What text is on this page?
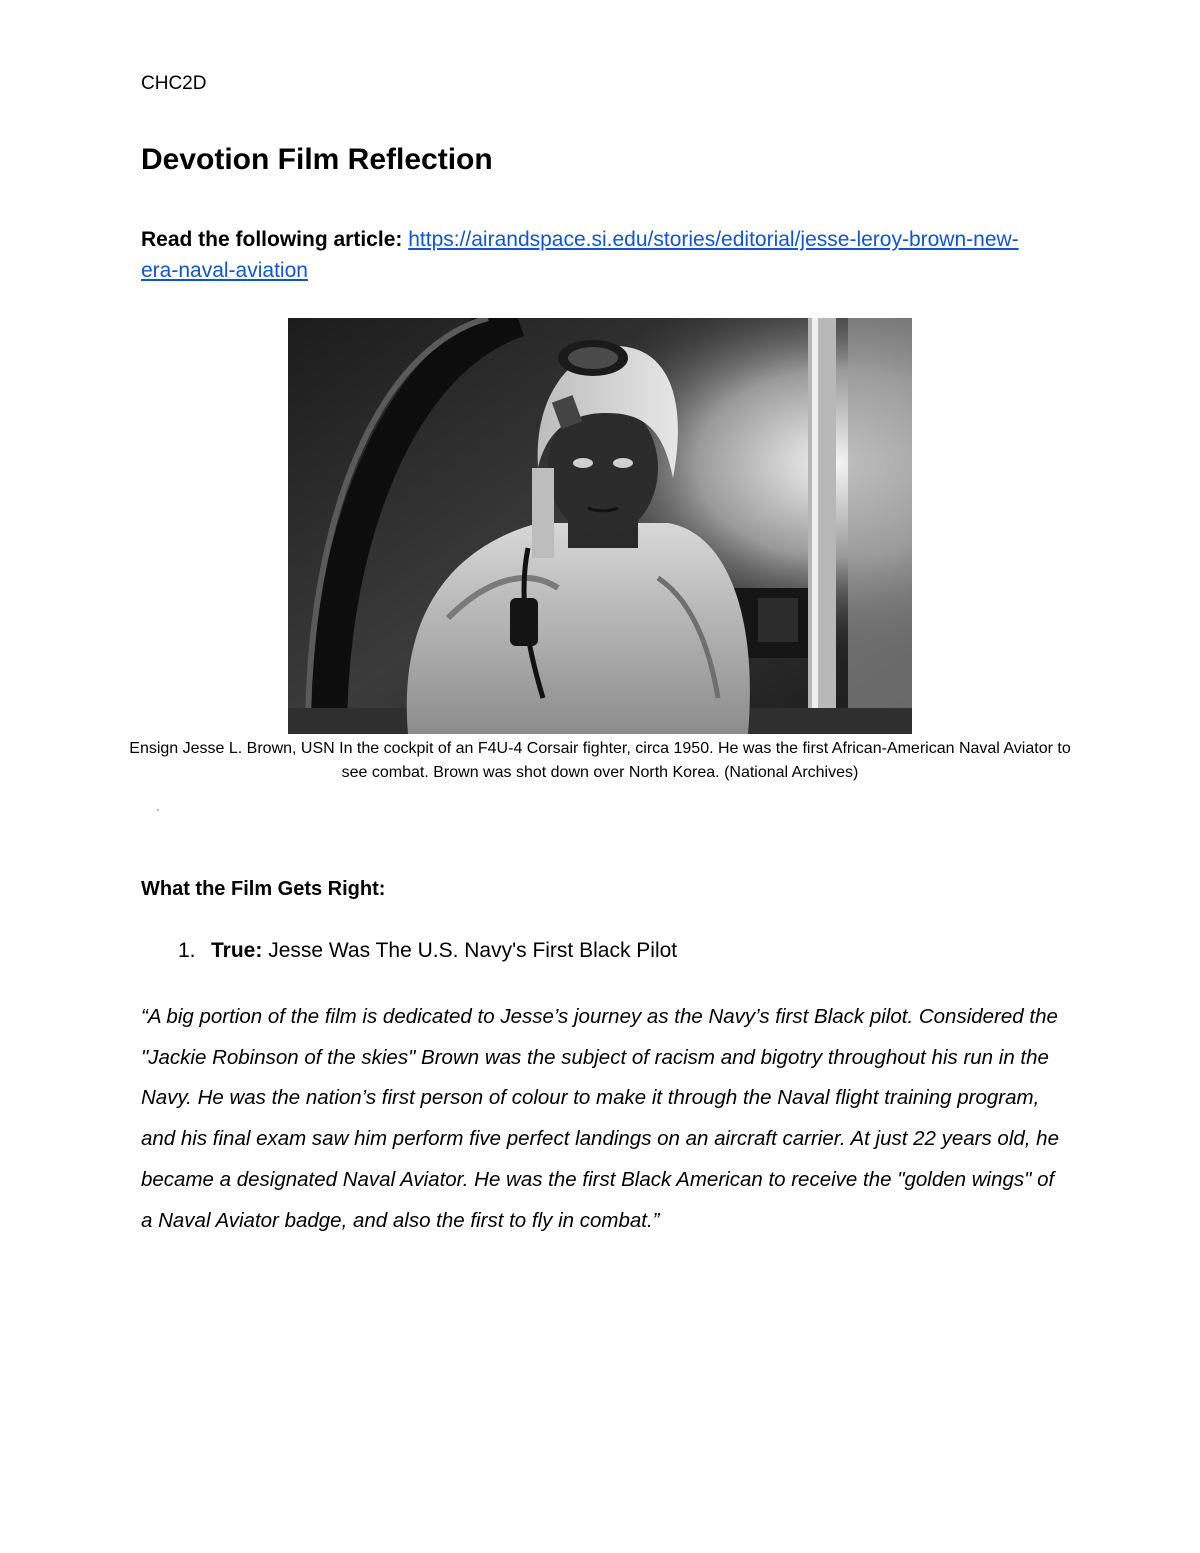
CHC2D
Devotion Film Reflection
Read the following article: https://airandspace.si.edu/stories/editorial/jesse-leroy-brown-new-era-naval-aviation
Ensign Jesse L. Brown, USN In the cockpit of an F4U-4 Corsair fighter, circa 1950. He was the first African-American Naval Aviator to see combat. Brown was shot down over North Korea. (National Archives)
'
What the Film Gets Right:
1. True: Jesse Was The U.S. Navy's First Black Pilot

“A big portion of the film is dedicated to Jesse’s journey as the Navy’s first Black pilot. Considered the "Jackie Robinson of the skies" Brown was the subject of racism and bigotry throughout his run in the Navy. He was the nation’s first person of colour to make it through the Naval flight training program, and his final exam saw him perform five perfect landings on an aircraft carrier. At just 22 years old, he became a designated Naval Aviator. He was the first Black American to receive the "golden wings" of a Naval Aviator badge, and also the first to fly in combat.”
